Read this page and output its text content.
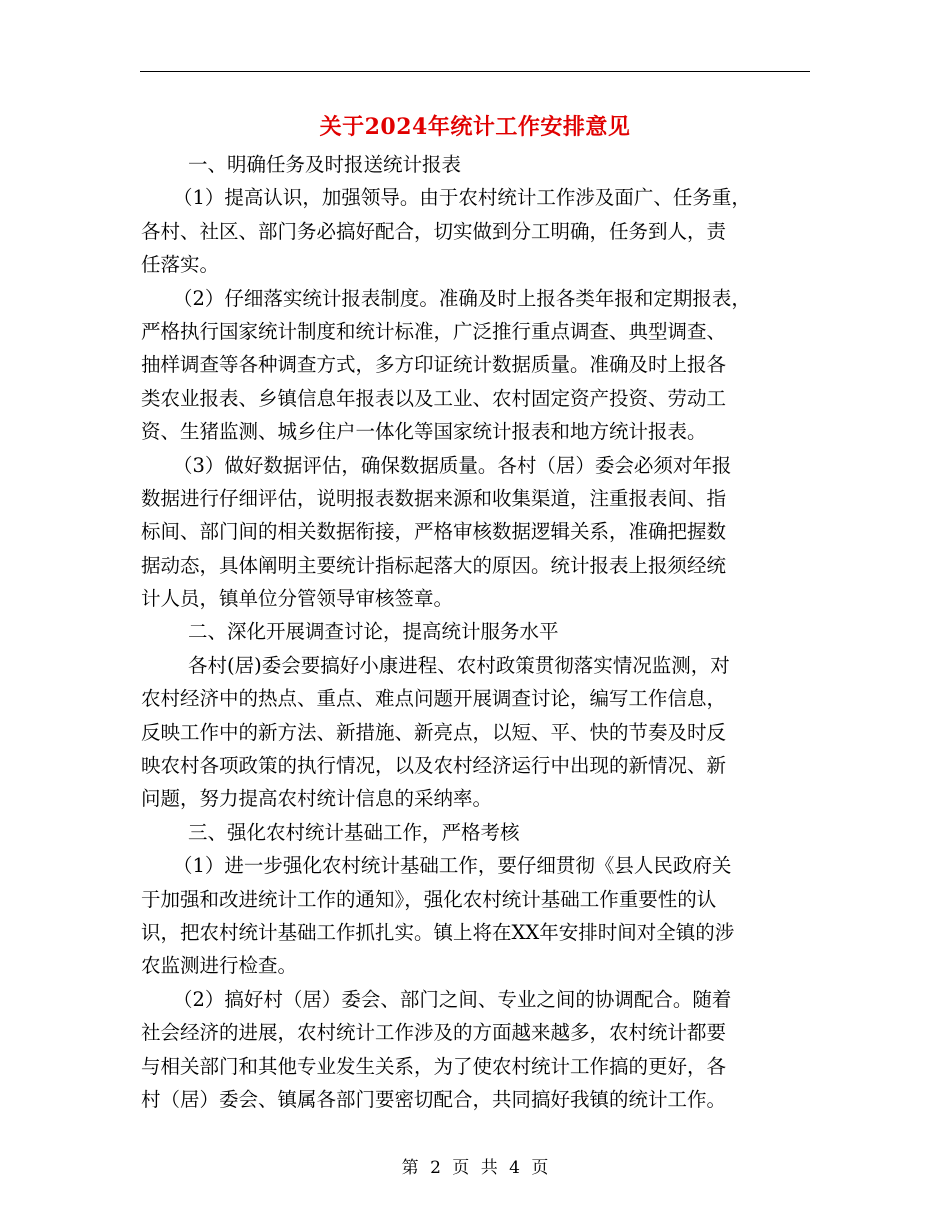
关于2024年统计工作安排意见
一、明确任务及时报送统计报表
（1）提高认识，加强领导。由于农村统计工作涉及面广、任务重，
各村、社区、部门务必搞好配合，切实做到分工明确，任务到人，责
任落实。
（2）仔细落实统计报表制度。准确及时上报各类年报和定期报表，
严格执行国家统计制度和统计标准，广泛推行重点调查、典型调查、
抽样调查等各种调查方式，多方印证统计数据质量。准确及时上报各
类农业报表、乡镇信息年报表以及工业、农村固定资产投资、劳动工
资、生猪监测、城乡住户一体化等国家统计报表和地方统计报表。
（3）做好数据评估，确保数据质量。各村（居）委会必须对年报
数据进行仔细评估，说明报表数据来源和收集渠道，注重报表间、指
标间、部门间的相关数据衔接，严格审核数据逻辑关系，准确把握数
据动态，具体阐明主要统计指标起落大的原因。统计报表上报须经统
计人员，镇单位分管领导审核签章。
二、深化开展调查讨论，提高统计服务水平
各村(居)委会要搞好小康进程、农村政策贯彻落实情况监测，对
农村经济中的热点、重点、难点问题开展调查讨论，编写工作信息，
反映工作中的新方法、新措施、新亮点，以短、平、快的节奏及时反
映农村各项政策的执行情况，以及农村经济运行中出现的新情况、新
问题，努力提高农村统计信息的采纳率。
三、强化农村统计基础工作，严格考核
（1）进一步强化农村统计基础工作，要仔细贯彻《县人民政府关
于加强和改进统计工作的通知》，强化农村统计基础工作重要性的认
识，把农村统计基础工作抓扎实。镇上将在XX年安排时间对全镇的涉
农监测进行检查。
（2）搞好村（居）委会、部门之间、专业之间的协调配合。随着
社会经济的进展，农村统计工作涉及的方面越来越多，农村统计都要
与相关部门和其他专业发生关系，为了使农村统计工作搞的更好，各
村（居）委会、镇属各部门要密切配合，共同搞好我镇的统计工作。
第 2 页 共 4 页
